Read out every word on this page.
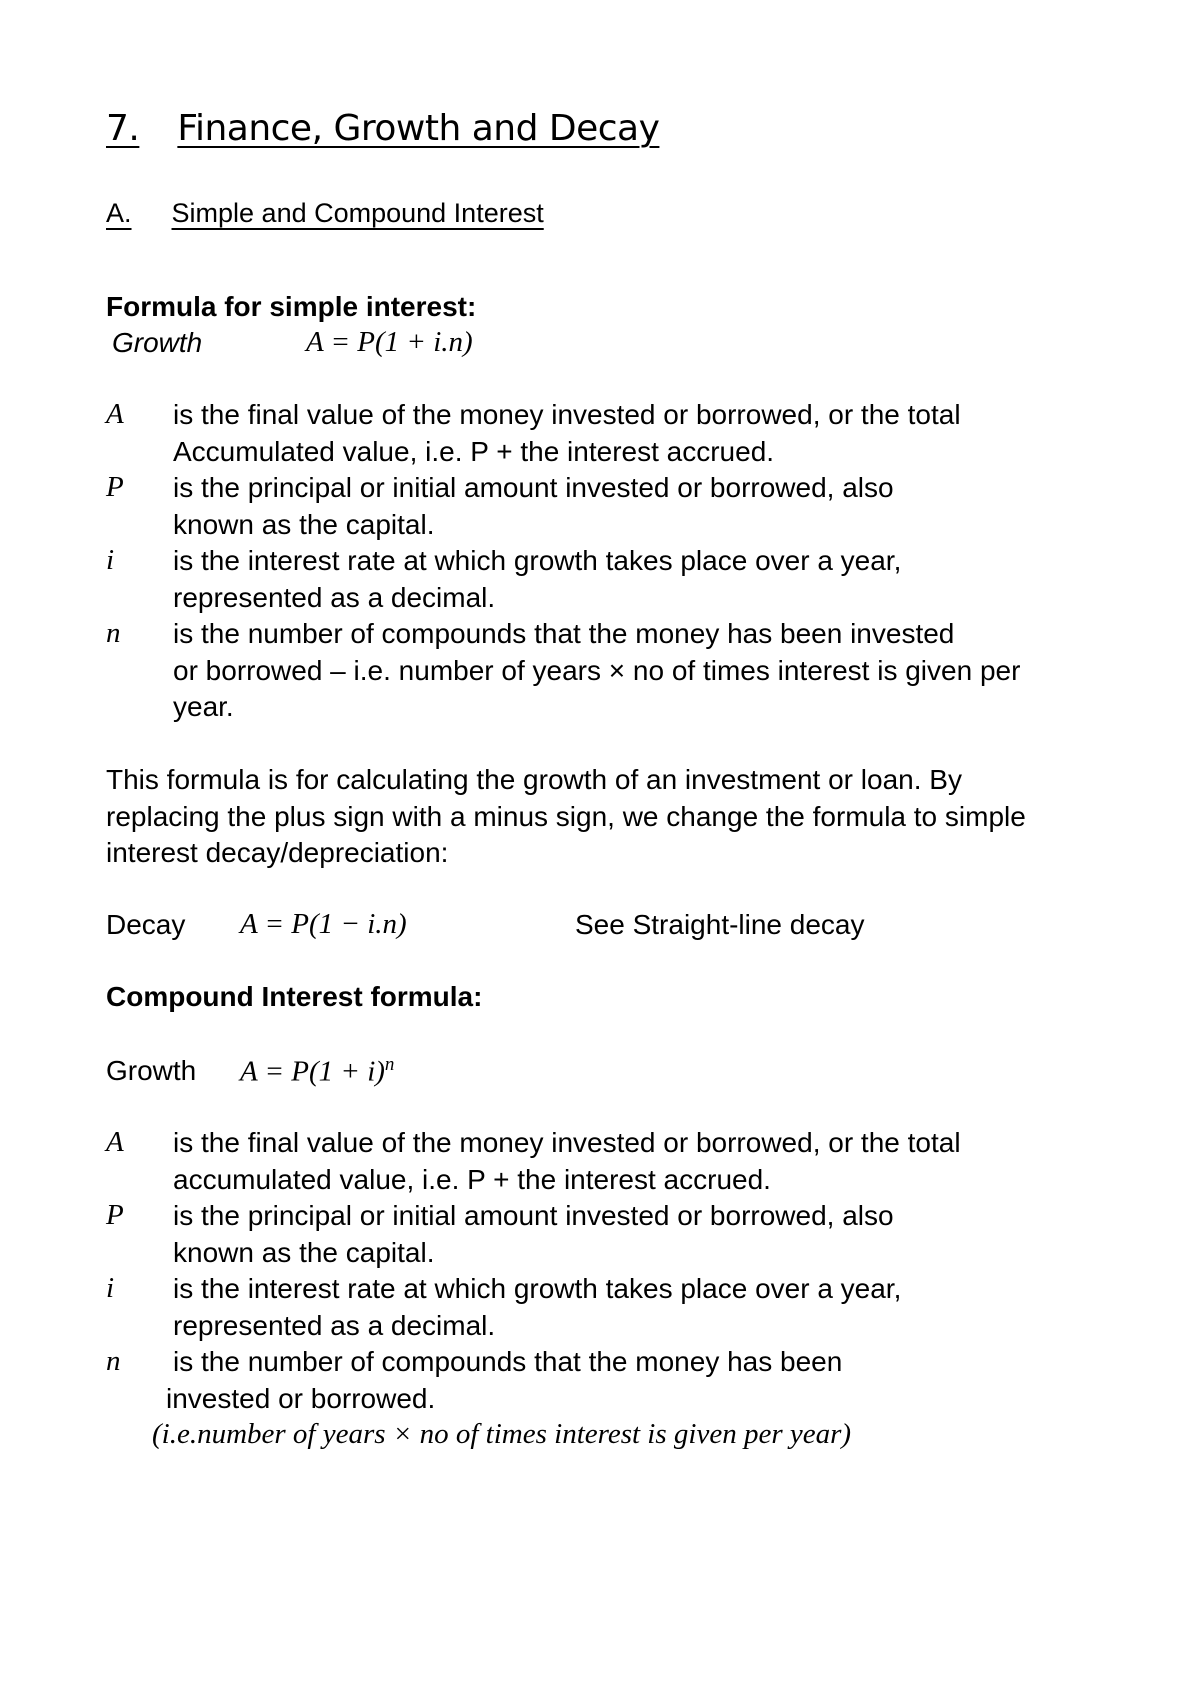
7. Finance, Growth and Decay
A. Simple and Compound Interest
Formula for simple interest:
Growth	A = P(1 + i.n)
A is the final value of the money invested or borrowed, or the total
Accumulated value, i.e. P + the interest accrued.
P is the principal or initial amount invested or borrowed, also
known as the capital.
i is the interest rate at which growth takes place over a year,
represented as a decimal.
n is the number of compounds that the money has been invested
or borrowed – i.e. number of years × no of times interest is given per
year.
This formula is for calculating the growth of an investment or loan. By
replacing the plus sign with a minus sign, we change the formula to simple
interest decay/depreciation:
Decay A = P(1 − i.n)	See Straight-line decay
Compound Interest formula:
Growth $A = P(1 + i)^n$
A is the final value of the money invested or borrowed, or the total
accumulated value, i.e. P + the interest accrued.
P is the principal or initial amount invested or borrowed, also
known as the capital.
i is the interest rate at which growth takes place over a year,
represented as a decimal.
n is the number of compounds that the money has been
invested or borrowed.
(i.e.number of years × no of times interest is given per year)
